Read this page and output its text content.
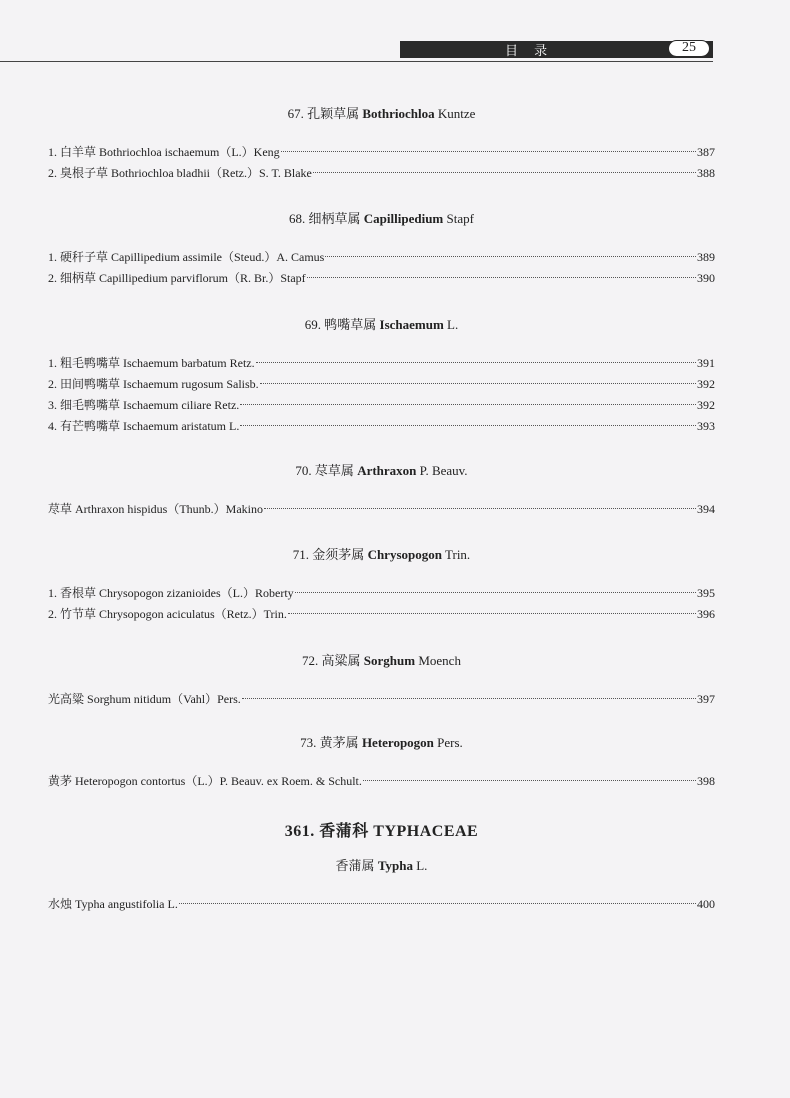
目 录	25
361. 香蒲科 TYPHACEAE
67. 孔颖草属 Bothriochloa Kuntze
1. 白羊草 Bothriochloa ischaemum（L.）Keng	387
2. 臭根子草 Bothriochloa bladhii（Retz.）S. T. Blake	388
68. 细柄草属 Capillipedium Stapf
1. 硬秆子草 Capillipedium assimile（Steud.）A. Camus	389
2. 细柄草 Capillipedium parviflorum（R. Br.）Stapf	390
69. 鸭嘴草属 Ischaemum L.
1. 粗毛鸭嘴草 Ischaemum barbatum Retz.	391
2. 田间鸭嘴草 Ischaemum rugosum Salisb.	392
3. 细毛鸭嘴草 Ischaemum ciliare Retz.	392
4. 有芒鸭嘴草 Ischaemum aristatum L.	393
70. 荩草属 Arthraxon P. Beauv.
荩草 Arthraxon hispidus（Thunb.）Makino	394
71. 金须茅属 Chrysopogon Trin.
1. 香根草 Chrysopogon zizanioides（L.）Roberty	395
2. 竹节草 Chrysopogon aciculatus（Retz.）Trin.	396
72. 高粱属 Sorghum Moench
光高粱 Sorghum nitidum（Vahl）Pers.	397
73. 黄茅属 Heteropogon Pers.
黄茅 Heteropogon contortus（L.）P. Beauv. ex Roem. & Schult.	398
香蒲属 Typha L.
水烛 Typha angustifolia L.	400
